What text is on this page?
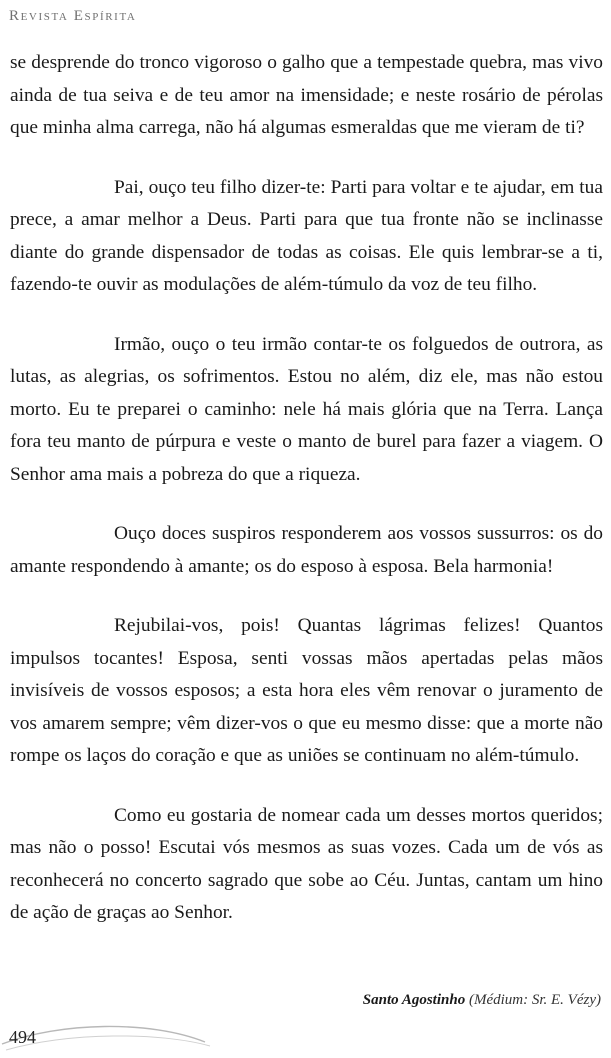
Revista Espírita

se desprende do tronco vigoroso o galho que a tempestade quebra, mas vivo ainda de tua seiva e de teu amor na imensidade; e neste rosário de pérolas que minha alma carrega, não há algumas esmeraldas que me vieram de ti?

Pai, ouço teu filho dizer-te: Parti para voltar e te ajudar, em tua prece, a amar melhor a Deus. Parti para que tua fronte não se inclinasse diante do grande dispensador de todas as coisas. Ele quis lembrar-se a ti, fazendo-te ouvir as modulações de além-túmulo da voz de teu filho.

Irmão, ouço o teu irmão contar-te os folguedos de outrora, as lutas, as alegrias, os sofrimentos. Estou no além, diz ele, mas não estou morto. Eu te preparei o caminho: nele há mais glória que na Terra. Lança fora teu manto de púrpura e veste o manto de burel para fazer a viagem. O Senhor ama mais a pobreza do que a riqueza.

Ouço doces suspiros responderem aos vossos sussurros: os do amante respondendo à amante; os do esposo à esposa. Bela harmonia!

Rejubilai-vos, pois! Quantas lágrimas felizes! Quantos impulsos tocantes! Esposa, senti vossas mãos apertadas pelas mãos invisíveis de vossos esposos; a esta hora eles vêm renovar o juramento de vos amarem sempre; vêm dizer-vos o que eu mesmo disse: que a morte não rompe os laços do coração e que as uniões se continuam no além-túmulo.

Como eu gostaria de nomear cada um desses mortos queridos; mas não o posso! Escutai vós mesmos as suas vozes. Cada um de vós as reconhecerá no concerto sagrado que sobe ao Céu. Juntas, cantam um hino de ação de graças ao Senhor.

Santo Agostinho (Médium: Sr. E. Vézy)
494
